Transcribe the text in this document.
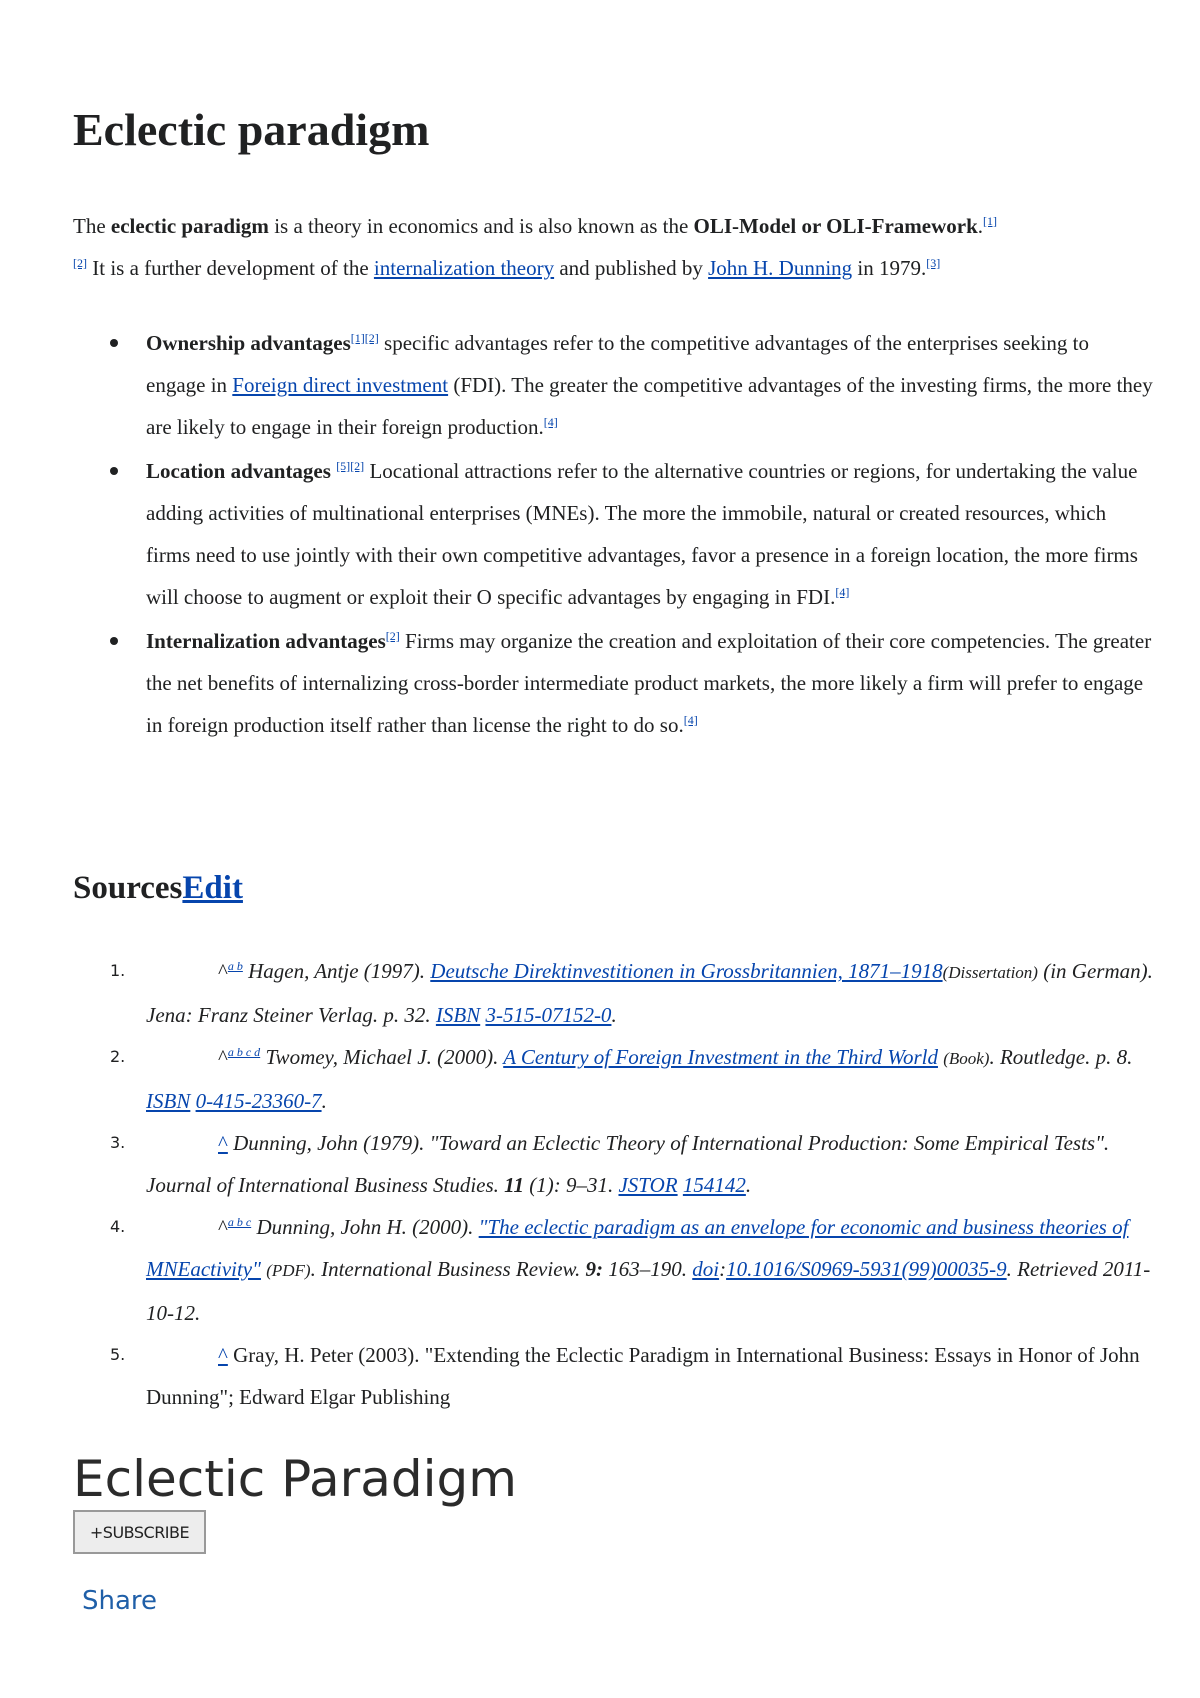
Eclectic paradigm

The eclectic paradigm is a theory in economics and is also known as the OLI-Model or OLI-Framework.[1]
[2] It is a further development of the internalization theory and published by John H. Dunning in 1979.[3]

Ownership advantages[1][2] specific advantages refer to the competitive advantages of the enterprises seeking to engage in Foreign direct investment (FDI). The greater the competitive advantages of the investing firms, the more they are likely to engage in their foreign production.[4]
Location advantages [5][2] Locational attractions refer to the alternative countries or regions, for undertaking the value adding activities of multinational enterprises (MNEs). The more the immobile, natural or created resources, which firms need to use jointly with their own competitive advantages, favor a presence in a foreign location, the more firms will choose to augment or exploit their O specific advantages by engaging in FDI.[4]
Internalization advantages[2] Firms may organize the creation and exploitation of their core competencies. The greater the net benefits of internalizing cross-border intermediate product markets, the more likely a firm will prefer to engage in foreign production itself rather than license the right to do so.[4]
SourcesEdit
1.	^$^{a b}$ Hagen, Antje (1997). Deutsche Direktinvestitionen in Grossbritannien, 1871–1918(Dissertation) (in German). Jena: Franz Steiner Verlag. p. 32. ISBN 3-515-07152-0.
2.	^$^{a b c d}$ Twomey, Michael J. (2000). A Century of Foreign Investment in the Third World (Book). Routledge. p. 8. ISBN 0-415-23360-7.
3.	^ Dunning, John (1979). "Toward an Eclectic Theory of International Production: Some Empirical Tests". Journal of International Business Studies. 11 (1): 9–31. JSTOR 154142.
4.	^$^{a b c}$ Dunning, John H. (2000). "The eclectic paradigm as an envelope for economic and business theories of MNEactivity" (PDF). International Business Review. 9: 163–190. doi:10.1016/S0969-5931(99)00035-9. Retrieved 2011-10-12.
5.	^ Gray, H. Peter (2003). "Extending the Eclectic Paradigm in International Business: Essays in Honor of John Dunning"; Edward Elgar Publishing
Eclectic Paradigm
+SUBSCRIBE
Share
